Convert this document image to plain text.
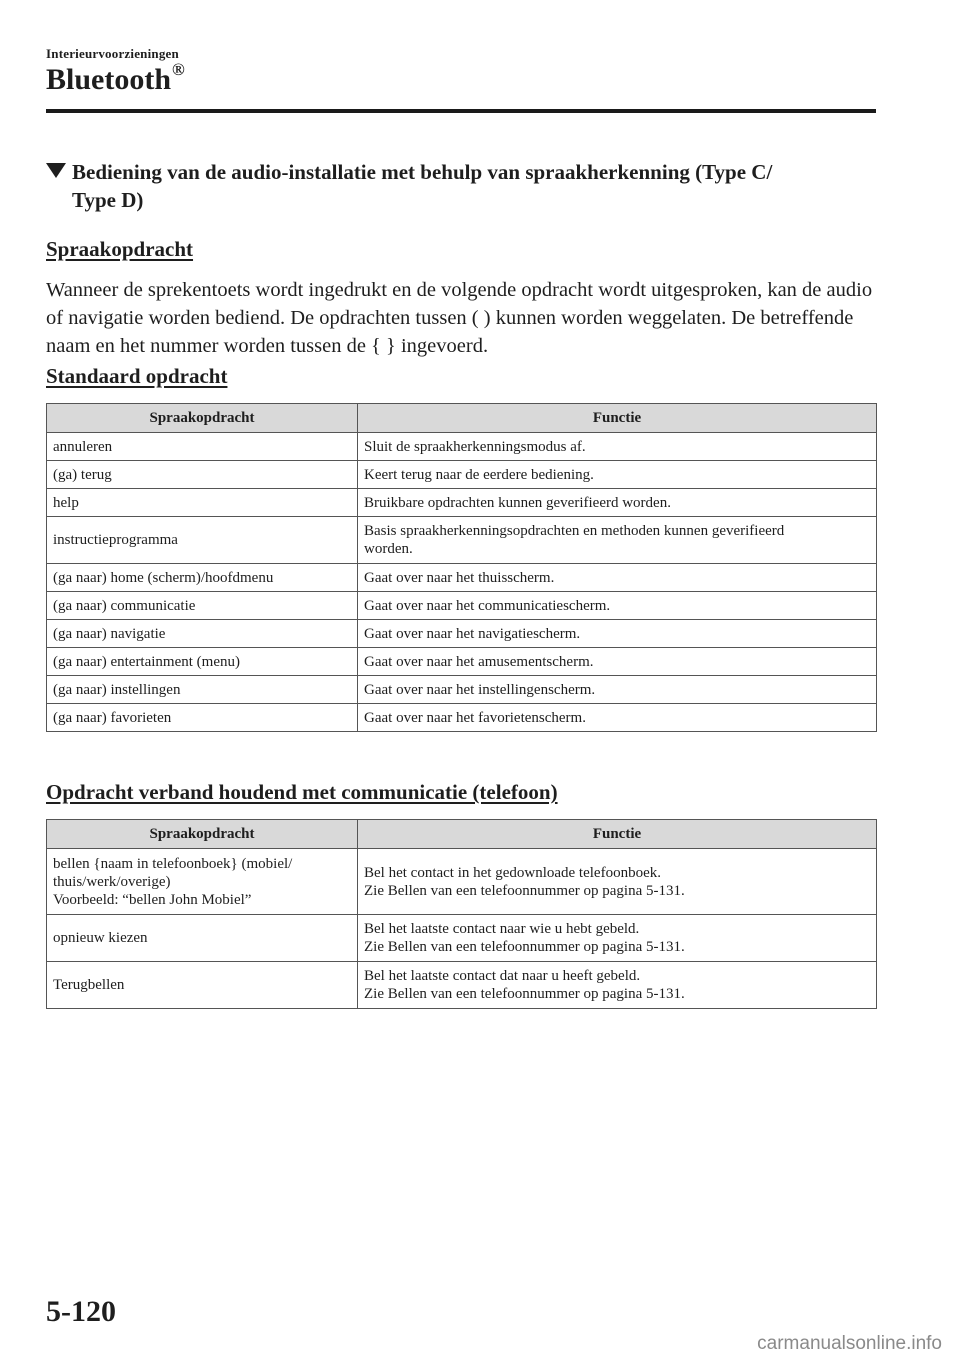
Interieurvoorzieningen
Bluetooth®
Bediening van de audio-installatie met behulp van spraakherkenning (Type C/
Type D)
Spraakopdracht
Wanneer de sprekentoets wordt ingedrukt en de volgende opdracht wordt uitgesproken, kan de audio of navigatie worden bediend. De opdrachten tussen ( ) kunnen worden weggelaten. De betreffende naam en het nummer worden tussen de { } ingevoerd.
Standaard opdracht
Spraakopdracht	Functie
annuleren	Sluit de spraakherkenningsmodus af.
(ga) terug	Keert terug naar de eerdere bediening.
help	Bruikbare opdrachten kunnen geverifieerd worden.
instructieprogramma	Basis spraakherkenningsopdrachten en methoden kunnen geverifieerd
worden.
(ga naar) home (scherm)/hoofdmenu	Gaat over naar het thuisscherm.
(ga naar) communicatie	Gaat over naar het communicatiescherm.
(ga naar) navigatie	Gaat over naar het navigatiescherm.
(ga naar) entertainment (menu)	Gaat over naar het amusementscherm.
(ga naar) instellingen	Gaat over naar het instellingenscherm.
(ga naar) favorieten	Gaat over naar het favorietenscherm.
Opdracht verband houdend met communicatie (telefoon)
Spraakopdracht	Functie
bellen {naam in telefoonboek} (mobiel/
thuis/werk/overige)
Voorbeeld: “bellen John Mobiel”	Bel het contact in het gedownloade telefoonboek.
Zie Bellen van een telefoonnummer op pagina 5-131.
opnieuw kiezen	Bel het laatste contact naar wie u hebt gebeld.
Zie Bellen van een telefoonnummer op pagina 5-131.
Terugbellen	Bel het laatste contact dat naar u heeft gebeld.
Zie Bellen van een telefoonnummer op pagina 5-131.
5-120
carmanualsonline.info
